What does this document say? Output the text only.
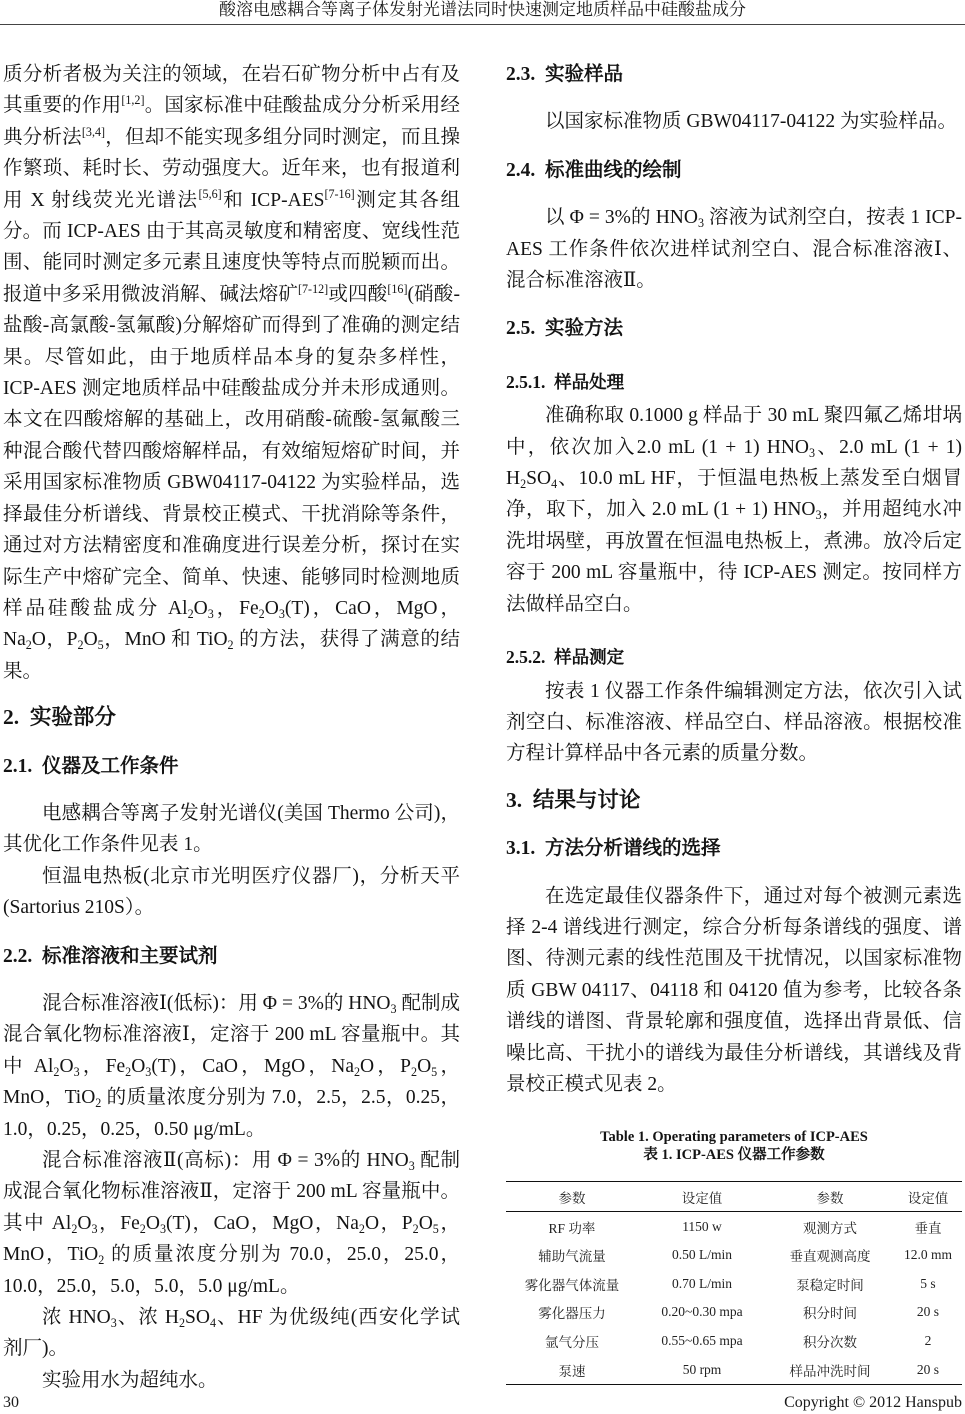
酸溶电感耦合等离子体发射光谱法同时快速测定地质样品中硅酸盐成分

质分析者极为关注的领域，在岩石矿物分析中占有及其重要的作用[1,2]。国家标准中硅酸盐成分分析采用经典分析法[3,4]，但却不能实现多组分同时测定，而且操作繁琐、耗时长、劳动强度大。近年来，也有报道利用 X 射线荧光光谱法[5,6]和 ICP-AES[7-16]测定其各组分。而 ICP-AES 由于其高灵敏度和精密度、宽线性范围、能同时测定多元素且速度快等特点而脱颖而出。报道中多采用微波消解、碱法熔矿[7-12]或四酸[16](硝酸-盐酸-高氯酸-氢氟酸)分解熔矿而得到了准确的测定结果。尽管如此，由于地质样品本身的复杂多样性，ICP-AES 测定地质样品中硅酸盐成分并未形成通则。本文在四酸熔解的基础上，改用硝酸-硫酸-氢氟酸三种混合酸代替四酸熔解样品，有效缩短熔矿时间，并采用国家标准物质 GBW04117-04122 为实验样品，选择最佳分析谱线、背景校正模式、干扰消除等条件，通过对方法精密度和准确度进行误差分析，探讨在实际生产中熔矿完全、简单、快速、能够同时检测地质样品硅酸盐成分 $Al_2O_3$，$Fe_2O_3(T)$，CaO，MgO，$Na_2O$，$P_2O_5$，MnO 和 TiO$_2$ 的方法，获得了满意的结果。

2. 实验部分
2.1. 仪器及工作条件

电感耦合等离子发射光谱仪(美国 Thermo 公司)，其优化工作条件见表 1。

恒温电热板(北京市光明医疗仪器厂)，分析天平(Sartorius 210S）。

2.2. 标准溶液和主要试剂

混合标准溶液Ⅰ(低标)：用 Φ = 3%的 $HNO_3$ 配制成混合氧化物标准溶液Ⅰ，定溶于 200 mL 容量瓶中。其中 $Al_2O_3$，$Fe_2O_3(T)$，CaO，MgO，$Na_2O$，$P_2O_5$，MnO，TiO$_2$ 的质量浓度分别为 7.0，2.5，2.5，0.25，1.0，0.25，0.25，0.50 μg/mL。

混合标准溶液Ⅱ(高标)：用 Φ = 3%的 $HNO_3$ 配制成混合氧化物标准溶液Ⅱ，定溶于 200 mL 容量瓶中。其中 $Al_2O_3$，$Fe_2O_3(T)$，CaO，MgO，$Na_2O$，$P_2O_5$，MnO，TiO$_2$ 的质量浓度分别为 70.0，25.0，25.0，10.0，25.0，5.0，5.0，5.0 μg/mL。

浓 $HNO_3$、浓 $H_2SO_4$、HF 为优级纯(西安化学试剂厂)。

实验用水为超纯水。

2.3. 实验样品

以国家标准物质 GBW04117-04122 为实验样品。

2.4. 标准曲线的绘制

以 Φ = 3%的 $HNO_3$ 溶液为试剂空白，按表 1 ICP-AES 工作条件依次进样试剂空白、混合标准溶液Ⅰ、混合标准溶液Ⅱ。

2.5. 实验方法
2.5.1. 样品处理

准确称取 0.1000 g 样品于 30 mL 聚四氟乙烯坩埚中，依次加入2.0 mL (1 + 1) $HNO_3$、2.0 mL (1 + 1) $H_2SO_4$、10.0 mL HF，于恒温电热板上蒸发至白烟冒净，取下，加入 2.0 mL (1 + 1) $HNO_3$，并用超纯水冲洗坩埚壁，再放置在恒温电热板上，煮沸。放冷后定容于 200 mL 容量瓶中，待 ICP-AES 测定。按同样方法做样品空白。

2.5.2. 样品测定

按表 1 仪器工作条件编辑测定方法，依次引入试剂空白、标准溶液、样品空白、样品溶液。根据校准方程计算样品中各元素的质量分数。

3. 结果与讨论
3.1. 方法分析谱线的选择

在选定最佳仪器条件下，通过对每个被测元素选择 2-4 谱线进行测定，综合分析每条谱线的强度、谱图、待测元素的线性范围及干扰情况，以国家标准物质 GBW 04117、04118 和 04120 值为参考，比较各条谱线的谱图、背景轮廓和强度值，选择出背景低、信噪比高、干扰小的谱线为最佳分析谱线，其谱线及背景校正模式见表 2。

Table 1. Operating parameters of ICP-AES
表 1. ICP-AES 仪器工作参数
参数	设定值	参数	设定值
RF 功率	1150 w	观测方式	垂直
辅助气流量	0.50 L/min	垂直观测高度	12.0 mm
雾化器气体流量	0.70 L/min	泵稳定时间	5 s
雾化器压力	0.20~0.30 mpa	积分时间	20 s
氩气分压	0.55~0.65 mpa	积分次数	2
泵速	50 rpm	样品冲洗时间	20 s
30	Copyright © 2012 Hanspub
